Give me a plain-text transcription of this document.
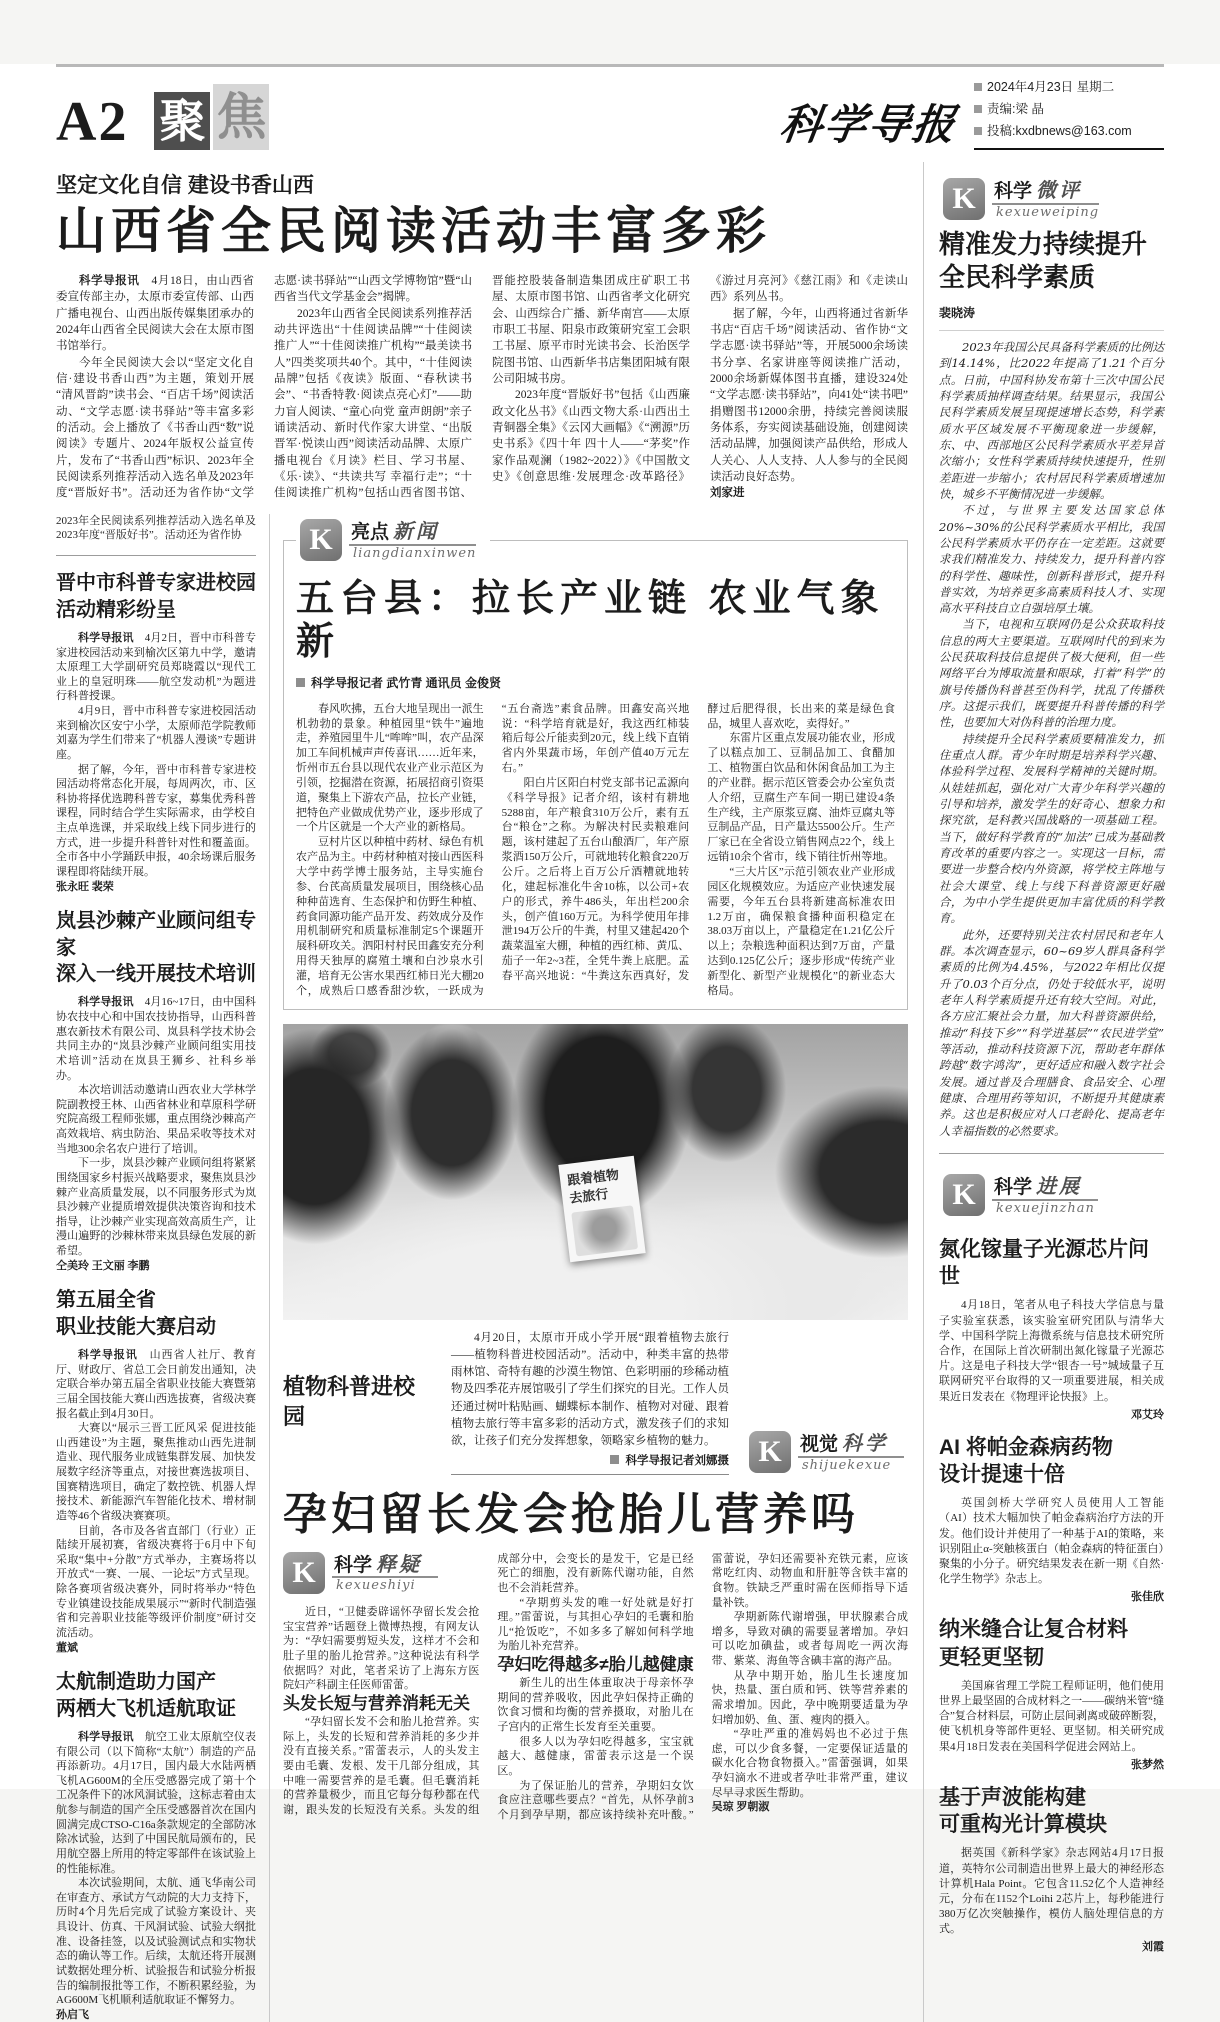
A2 聚 焦	科学导报
2024年4月23日 星期二
责编:梁 晶
投稿:kxdbnews@163.com
坚定文化自信 建设书香山西
山西省全民阅读活动丰富多彩

科学导报讯　 4月18日，由山西省委宣传部主办，太原市委宣传部、山西广播电视台、山西出版传媒集团承办的2024年山西省全民阅读大会在太原市图书馆举行。

今年全民阅读大会以“坚定文化自信·建设书香山西”为主题，策划开展“清风晋韵”读书会、“百店千场”阅读活动、“文学志愿·读书驿站”等丰富多彩的活动。会上播放了《书香山西“数”说阅读》专题片、2024年版权公益宣传片，发布了“书香山西”标识、2023年全民阅读系列推荐活动入选名单及2023年度“晋版好书”。活动还为省作协“文学志愿·读书驿站”“山西文学博物馆”暨“山西省当代文学基金会”揭牌。

2023年山西省全民阅读系列推荐活动共评选出“十佳阅读品牌”“十佳阅读推广人”“十佳阅读推广机构”“最美读书人”四类奖项共40个。其中，“十佳阅读品牌”包括《夜读》版面、“春秋读书会”、“书香特教·阅读点亮心灯”——助力盲人阅读、“童心向党 童声朗朗”亲子诵读活动、新时代作家大讲堂、“出版晋军·悦读山西”阅读活动品牌、太原广播电视台《月读》栏目、学习书屋、《乐·读》、“共读共写 幸福行走”；“十佳阅读推广机构”包括山西省图书馆、晋能控股装备制造集团成庄矿职工书屋、太原市图书馆、山西省孝文化研究会、山西综合广播、新华南宫——太原市职工书屋、阳泉市政策研究室工会职工书屋、原平市时光读书会、长治医学院图书馆、山西新华书店集团阳城有限公司阳城书房。

2023年度“晋版好书”包括《山西廉政文化丛书》《山西文物大系·山西出土青铜器全集》《云冈大画幅》《“溯源”历史书系》《四十年 四十人——“茅奖”作家作品观澜（1982~2022）》《中国散文史》《创意思维·发展理念·改革路径》《游过月亮河》《慈江雨》和《走读山西》系列丛书。

据了解，今年，山西将通过省新华书店“百店千场”阅读活动、省作协“文学志愿·读书驿站”等，开展5000余场读书分享、名家讲座等阅读推广活动，2000余场新媒体图书直播，建设324处“文学志愿·读书驿站”，向41处“读书吧”捐赠图书12000余册，持续完善阅读服务体系，夯实阅读基础设施，创建阅读活动品牌，加强阅读产品供给，形成人人关心、人人支持、人人参与的全民阅读活动良好态势。

刘家进

2023年全民阅读系列推荐活动入选名单及2023年度“晋版好书”。活动还为省作协
晋中市科普专家进校园
活动精彩纷呈

科学导报讯　 4月2日，晋中市科普专家进校园活动来到榆次区第九中学，邀请太原理工大学副研究员郑晓霞以“现代工业上的皇冠明珠——航空发动机”为题进行科普授课。

4月9日，晋中市科普专家进校园活动来到榆次区安宁小学，太原师范学院教师刘嘉为学生们带来了“机器人漫谈”专题讲座。

据了解，今年，晋中市科普专家进校园活动将常态化开展，每周两次，市、区科协将择优选聘科普专家，募集优秀科普课程，同时结合学生实际需求，由学校自主点单选课，并采取线上线下同步进行的方式，进一步提升科普针对性和覆盖面。全市各中小学踊跃申报，40余场课后服务课程即将陆续开展。

张永旺 裴荣

岚县沙棘产业顾问组专家
深入一线开展技术培训

科学导报讯　 4月16~17日，由中国科协农技中心和中国农技协指导，山西科普惠农新技术有限公司、岚县科学技术协会共同主办的“岚县沙棘产业顾问组实用技术培训”活动在岚县王狮乡、社科乡举办。

本次培训活动邀请山西农业大学林学院副教授王林、山西省林业和草原科学研究院高级工程师张娜，重点围绕沙棘高产高效栽培、病虫防治、果品采收等技术对当地300余名农户进行了培训。

下一步，岚县沙棘产业顾问组将紧紧围绕国家乡村振兴战略要求，聚焦岚县沙棘产业高质量发展，以不同服务形式为岚县沙棘产业提质增效提供决策咨询和技术指导，让沙棘产业实现高效高质生产，让漫山遍野的沙棘林带来岚县绿色发展的新希望。

仝美玲 王文丽 李鹏

第五届全省
职业技能大赛启动

科学导报讯　 山西省人社厅、教育厅、财政厅、省总工会日前发出通知，决定联合举办第五届全省职业技能大赛暨第三届全国技能大赛山西选拔赛，省级决赛报名截止到4月30日。

大赛以“展示三晋工匠风采 促进技能山西建设”为主题，聚焦推动山西先进制造业、现代服务业成链集群发展、加快发展数字经济等重点，对接世赛选拔项目、国赛精选项目，确定了数控铣、机器人焊接技术、新能源汽车智能化技术、增材制造等46个省级决赛赛项。

目前，各市及各省直部门（行业）正陆续开展初赛，省级决赛将于6月中下旬采取“集中+分散”方式举办，主赛场将以开放式“一赛、一展、一论坛”方式呈现。除各赛项省级决赛外，同时将举办“特色专业镇建设技能成果展示”“新时代制造强省和完善职业技能等级评价制度”研讨交流活动。

董斌

太航制造助力国产
两栖大飞机适航取证

科学导报讯　 航空工业太原航空仪表有限公司（以下简称“太航”）制造的产品再添新功。4月17日，国内最大水陆两栖飞机AG600M的全压受感器完成了第十个工况条件下的冰风洞试验，这标志着由太航参与制造的国产全压受感器首次在国内圆满完成CTSO-C16a条款规定的全部防冰除冰试验，达到了中国民航局颁布的，民用航空器上所用的特定零部件在该试验上的性能标准。

本次试验期间，太航、通飞华南公司在审查方、承试方气动院的大力支持下，历时4个月先后完成了试验方案设计、夹具设计、仿真、干风洞试验、试验大纲批准、设备挂签，以及试验测试点和实物状态的确认等工作。后续，太航还将开展测试数据处理分析、试验报告和试验分析报告的编制报批等工作，不断积累经验，为AG600M飞机顺利适航取证不懈努力。

孙启飞

K 亮点 新闻
liangdianxinwen
五台县：拉长产业链 农业气象新
科学导报记者 武竹青 通讯员 金俊贤

春风吹拂，五台大地呈现出一派生机勃勃的景象。种植园里“铁牛”遍地走，养殖园里牛儿“哞哞”叫，农产品深加工车间机械声声传喜讯……近年来，忻州市五台县以现代农业产业示范区为引领，挖掘潜在资源，拓展招商引资渠道，聚集上下游农产品，拉长产业链，把特色产业做成优势产业，逐步形成了一个片区就是一个大产业的新格局。

豆村片区以种植中药材、绿色有机农产品为主。中药材种植对接山西医科大学中药学博士服务站，主导实施台参、台芪高质量发展项目，围绕核心品种种苗选育、生态保护和仿野生种植、药食同源功能产品开发、药效成分及作用机制研究和质量标准制定5个课题开展科研攻关。泗阳村村民田鑫安充分利用得天独厚的腐殖土壤和白沙泉水引灌，培育无公害水果西红柿日光大棚20个，成熟后口感香甜沙软，一跃成为“五台斋选”素食品牌。田鑫安高兴地说：“科学培育就是好，我这西红柿装箱后每公斤能卖到20元，线上线下直销省内外果蔬市场，年创产值40万元左右。”

阳白片区阳白村党支部书记孟源向《科学导报》记者介绍，该村有耕地5288亩，年产粮食310万公斤，素有五台“粮仓”之称。为解决村民卖粮难问题，该村建起了五台山酿酒厂，年产原浆酒150万公斤，可就地转化粮食220万公斤。之后将上百万公斤酒糟就地转化，建起标准化牛舍10栋，以公司+农户的形式，养牛486头，年出栏200余头，创产值160万元。为科学使用年排泄194万公斤的牛粪，村里又建起420个蔬菜温室大棚，种植的西红柿、黄瓜、茄子一年2~3茬，全凭牛粪上底肥。孟春平高兴地说：“牛粪这东西真好，发酵过后肥得很，长出来的菜是绿色食品，城里人喜欢吃，卖得好。”

东雷片区重点发展功能农业，形成了以糕点加工、豆制品加工、食醋加工、植物蛋白饮品和休闲食品加工为主的产业群。据示范区管委会办公室负责人介绍，豆腐生产车间一期已建设4条生产线，主产原浆豆腐、油炸豆腐丸等豆制品产品，日产量达5500公斤。生产厂家已在全省设立销售网点22个，线上远销10余个省市，线下销往忻州等地。

“三大片区”示范引领农业产业形成园区化规模效应。为适应产业快速发展需要，今年五台县将新建高标准农田1.2万亩，确保粮食播种面积稳定在38.03万亩以上，产量稳定在1.21亿公斤以上；杂粮选种面积达到7万亩，产量达到0.125亿公斤；逐步形成“传统产业新型化、新型产业规模化”的新业态大格局。

跟着植物去旅行
植物科普进校园
4月20日，太原市开成小学开展“跟着植物去旅行——植物科普进校园活动”。活动中，种类丰富的热带雨林馆、奇特有趣的沙漠生物馆、色彩明丽的珍稀动植物及四季花卉展馆吸引了学生们探究的目光。工作人员还通过树叶粘贴画、蝴蝶标本制作、植物对对碰、跟着植物去旅行等丰富多彩的活动方式，激发孩子们的求知欲，让孩子们充分发挥想象，领略家乡植物的魅力。
科学导报记者刘娜摄 K 视觉 科学
shijuekexue
孕妇留长发会抢胎儿营养吗
K 科学 释疑
kexueshiyi

近日，“卫健委辟谣怀孕留长发会抢宝宝营养”话题登上微博热搜，有网友认为：“孕妇需要剪短头发，这样才不会和肚子里的胎儿抢营养。”这种说法有科学依据吗？对此，笔者采访了上海东方医院妇产科副主任医师雷蕾。

头发长短与营养消耗无关

“孕妇留长发不会和胎儿抢营养。实际上，头发的长短和营养消耗的多少并没有直接关系。”雷蕾表示，人的头发主要由毛囊、发根、发干几部分组成，其中唯一需要营养的是毛囊。但毛囊消耗的营养量极少，而且它每分每秒都在代谢，跟头发的长短没有关系。头发的组成部分中，会变长的是发干，它是已经死亡的细胞，没有新陈代谢功能，自然也不会消耗营养。

“孕期剪头发的唯一好处就是好打理。”雷蕾说，与其担心孕妇的毛囊和胎儿“抢饭吃”，不如多多了解如何科学地为胎儿补充营养。

孕妇吃得越多≠胎儿越健康

新生儿的出生体重取决于母亲怀孕期间的营养吸收，因此孕妇保持正确的饮食习惯和均衡的营养摄取，对胎儿在子宫内的正常生长发育至关重要。

很多人以为孕妇吃得越多，宝宝就越大、越健康，雷蕾表示这是一个误区。

为了保证胎儿的营养，孕期妇女饮食应注意哪些要点？“首先，从怀孕前3个月到孕早期，都应该持续补充叶酸。”雷蕾说，孕妇还需要补充铁元素，应该常吃红肉、动物血和肝脏等含铁丰富的食物。铁缺乏严重时需在医师指导下适量补铁。

孕期新陈代谢增强，甲状腺素合成增多，导致对碘的需要显著增加。孕妇可以吃加碘盐，或者每周吃一两次海带、紫菜、海鱼等含碘丰富的海产品。

从孕中期开始，胎儿生长速度加快，热量、蛋白质和钙、铁等营养素的需求增加。因此，孕中晚期要适量为孕妇增加奶、鱼、蛋、瘦肉的摄入。

“孕吐严重的准妈妈也不必过于焦虑，可以少食多餐，一定要保证适量的碳水化合物食物摄入。”雷蕾强调，如果孕妇滴水不进或者孕吐非常严重，建议尽早寻求医生帮助。

吴琼 罗朝淑

K 科学 微评
kexueweiping
精准发力持续提升
全民科学素质
裴晓涛

2023年我国公民具备科学素质的比例达到14.14%，比2022年提高了1.21个百分点。日前，中国科协发布第十三次中国公民科学素质抽样调查结果。结果显示，我国公民科学素质发展呈现提速增长态势，科学素质水平区域发展不平衡现象进一步缓解，东、中、西部地区公民科学素质水平差异首次缩小；女性科学素质持续快速提升，性别差距进一步缩小；农村居民科学素质增速加快，城乡不平衡情况进一步缓解。

不过，与世界主要发达国家总体20%~30%的公民科学素质水平相比，我国公民科学素质水平仍存在一定差距。这就要求我们精准发力、持续发力，提升科普内容的科学性、趣味性，创新科普形式，提升科普实效，为培养更多高素质科技人才、实现高水平科技自立自强培厚土壤。

当下，电视和互联网仍是公众获取科技信息的两大主要渠道。互联网时代的到来为公民获取科技信息提供了极大便利，但一些网络平台为博取流量和眼球，打着“科学”的旗号传播伪科普甚至伪科学，扰乱了传播秩序。这提示我们，既要提升科普传播的科学性，也要加大对伪科普的治理力度。

持续提升全民科学素质要精准发力，抓住重点人群。青少年时期是培养科学兴趣、体验科学过程、发展科学精神的关键时期。从娃娃抓起，强化对广大青少年科学兴趣的引导和培养，激发学生的好奇心、想象力和探究欲，是科教兴国战略的一项基础工程。当下，做好科学教育的“加法”已成为基础教育改革的重要内容之一。实现这一目标，需要进一步整合校内外资源，将学校主阵地与社会大课堂、线上与线下科普资源更好融合，为中小学生提供更加丰富优质的科学教育。

此外，还要特别关注农村居民和老年人群。本次调查显示，60~69岁人群具备科学素质的比例为4.45%，与2022年相比仅提升了0.03个百分点，仍处于较低水平，说明老年人科学素质提升还有较大空间。对此，各方应汇聚社会力量，加大科普资源供给，推动“科技下乡”“科学进基层”“农民进学堂”等活动，推动科技资源下沉，帮助老年群体跨越“数字鸿沟”，更好适应和融入数字社会发展。通过普及合理膳食、食品安全、心理健康、合理用药等知识，不断提升其健康素养。这也是积极应对人口老龄化、提高老年人幸福指数的必然要求。

K 科学 进展
kexuejinzhan
氮化镓量子光源芯片问世

4月18日，笔者从电子科技大学信息与量子实验室获悉，该实验室研究团队与清华大学、中国科学院上海微系统与信息技术研究所合作，在国际上首次研制出氮化镓量子光源芯片。这是电子科技大学“银杏一号”城域量子互联网研究平台取得的又一项重要进展，相关成果近日发表在《物理评论快报》上。

邓艾玲
AI 将帕金森病药物
设计提速十倍

英国剑桥大学研究人员使用人工智能（AI）技术大幅加快了帕金森病治疗方法的开发。他们设计并使用了一种基于AI的策略，来识别阻止α-突触核蛋白（帕金森病的特征蛋白）聚集的小分子。研究结果发表在新一期《自然·化学生物学》杂志上。

张佳欣
纳米缝合让复合材料
更轻更坚韧

美国麻省理工学院工程师证明，他们使用世界上最坚固的合成材料之一——碳纳米管“缝合”复合材料层，可防止层间剥离或破碎断裂，使飞机机身等部件更轻、更坚韧。相关研究成果4月18日发表在美国科学促进会网站上。

张梦然
基于声波能构建
可重构光计算模块

据英国《新科学家》杂志网站4月17日报道，英特尔公司制造出世界上最大的神经形态计算机Hala Point。它包含11.52亿个人造神经元，分布在1152个Loihi 2芯片上，每秒能进行380万亿次突触操作，模仿人脑处理信息的方式。

刘霞
